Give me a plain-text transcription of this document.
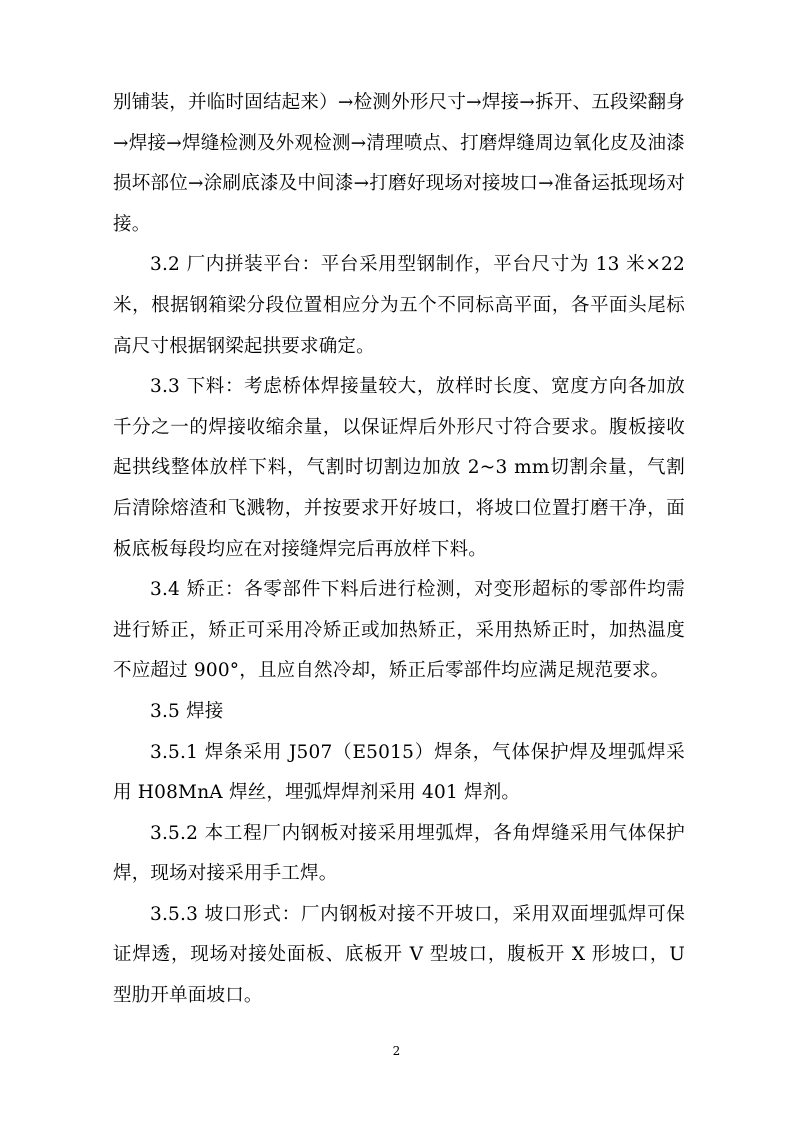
别铺装，并临时固结起来）→检测外形尺寸→焊接→拆开、五段梁翻身→焊接→焊缝检测及外观检测→清理喷点、打磨焊缝周边氧化皮及油漆损坏部位→涂刷底漆及中间漆→打磨好现场对接坡口→准备运抵现场对接。

3.2 厂内拼装平台：平台采用型钢制作，平台尺寸为 13 米×22 米，根据钢箱梁分段位置相应分为五个不同标高平面，各平面头尾标高尺寸根据钢梁起拱要求确定。

3.3 下料：考虑桥体焊接量较大，放样时长度、宽度方向各加放千分之一的焊接收缩余量，以保证焊后外形尺寸符合要求。腹板接收起拱线整体放样下料，气割时切割边加放 2~3 mm切割余量，气割后清除熔渣和飞溅物，并按要求开好坡口，将坡口位置打磨干净，面板底板每段均应在对接缝焊完后再放样下料。

3.4 矫正：各零部件下料后进行检测，对变形超标的零部件均需进行矫正，矫正可采用冷矫正或加热矫正，采用热矫正时，加热温度不应超过 900°，且应自然冷却，矫正后零部件均应满足规范要求。

3.5 焊接

3.5.1 焊条采用 J507（E5015）焊条，气体保护焊及埋弧焊采用 H08MnA 焊丝，埋弧焊焊剂采用 401 焊剂。

3.5.2 本工程厂内钢板对接采用埋弧焊，各角焊缝采用气体保护焊，现场对接采用手工焊。

3.5.3 坡口形式：厂内钢板对接不开坡口，采用双面埋弧焊可保证焊透，现场对接处面板、底板开 V 型坡口，腹板开 X 形坡口，U 型肋开单面坡口。

2
